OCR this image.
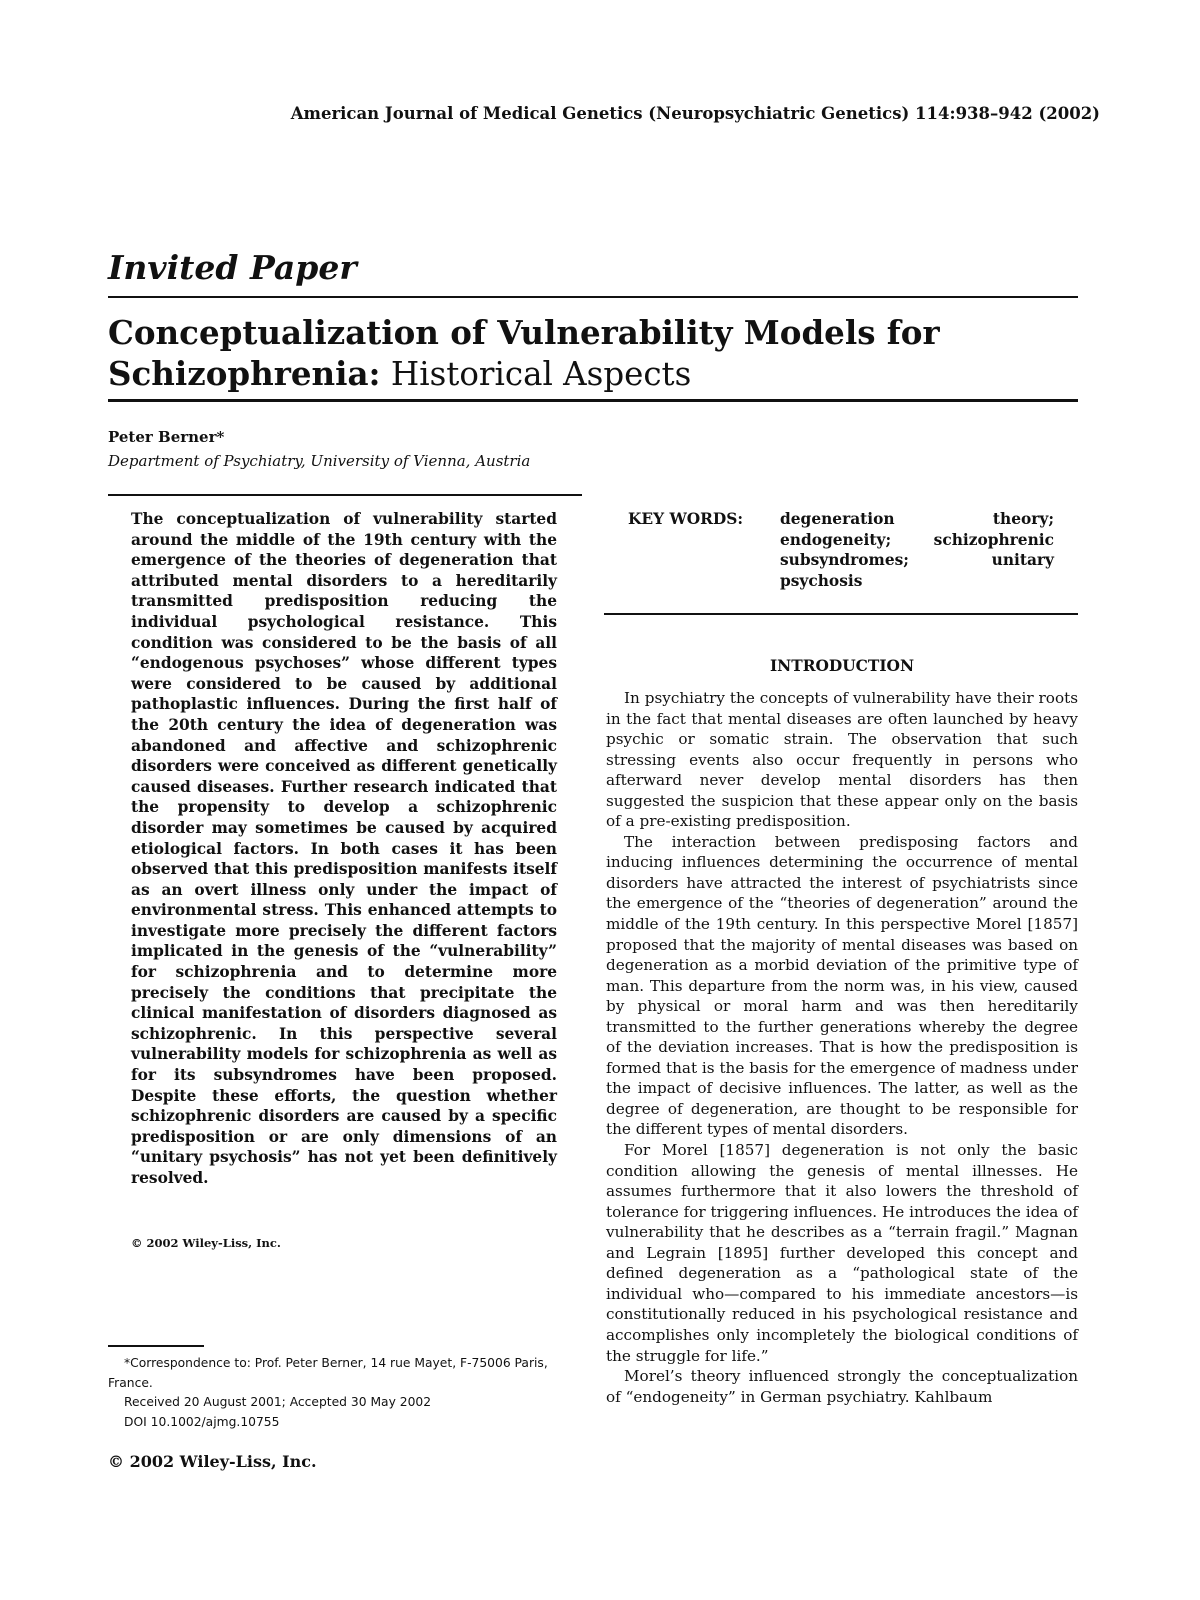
American Journal of Medical Genetics (Neuropsychiatric Genetics) 114:938–942 (2002)
Invited Paper
Conceptualization of Vulnerability Models for Schizophrenia: Historical Aspects
Peter Berner*
Department of Psychiatry, University of Vienna, Austria
The conceptualization of vulnerability started around the middle of the 19th century with the emergence of the theories of degeneration that attributed mental disorders to a hereditarily transmitted predisposition reducing the individual psychological resistance. This condition was considered to be the basis of all “endogenous psychoses” whose different types were considered to be caused by additional pathoplastic influences. During the first half of the 20th century the idea of degeneration was abandoned and affective and schizophrenic disorders were conceived as different genetically caused diseases. Further research indicated that the propensity to develop a schizophrenic disorder may sometimes be caused by acquired etiological factors. In both cases it has been observed that this predisposition manifests itself as an overt illness only under the impact of environmental stress. This enhanced attempts to investigate more precisely the different factors implicated in the genesis of the “vulnerability” for schizophrenia and to determine more precisely the conditions that precipitate the clinical manifestation of disorders diagnosed as schizophrenic. In this perspective several vulnerability models for schizophrenia as well as for its subsyndromes have been proposed. Despite these efforts, the question whether schizophrenic disorders are caused by a specific predisposition or are only dimensions of an “unitary psychosis” has not yet been definitively resolved.
© 2002 Wiley-Liss, Inc.
KEY WORDS:	degeneration theory; endogeneity; schizophrenic subsyndromes; unitary psychosis
INTRODUCTION

In psychiatry the concepts of vulnerability have their roots in the fact that mental diseases are often launched by heavy psychic or somatic strain. The observation that such stressing events also occur frequently in persons who afterward never develop mental disorders has then suggested the suspicion that these appear only on the basis of a pre-existing predisposition.

The interaction between predisposing factors and inducing influences determining the occurrence of mental disorders have attracted the interest of psychiatrists since the emergence of the “theories of degeneration” around the middle of the 19th century. In this perspective Morel [1857] proposed that the majority of mental diseases was based on degeneration as a morbid deviation of the primitive type of man. This departure from the norm was, in his view, caused by physical or moral harm and was then hereditarily transmitted to the further generations whereby the degree of the deviation increases. That is how the predisposition is formed that is the basis for the emergence of madness under the impact of decisive influences. The latter, as well as the degree of degeneration, are thought to be responsible for the different types of mental disorders.

For Morel [1857] degeneration is not only the basic condition allowing the genesis of mental illnesses. He assumes furthermore that it also lowers the threshold of tolerance for triggering influences. He introduces the idea of vulnerability that he describes as a “terrain fragil.” Magnan and Legrain [1895] further developed this concept and defined degeneration as a “pathological state of the individual who—compared to his immediate ancestors—is constitutionally reduced in his psychological resistance and accomplishes only incompletely the biological conditions of the struggle for life.”

Morel’s theory influenced strongly the conceptualization of “endogeneity” in German psychiatry. Kahlbaum

*Correspondence to: Prof. Peter Berner, 14 rue Mayet, F-75006 Paris, France.

Received 20 August 2001; Accepted 30 May 2002

DOI 10.1002/ajmg.10755

© 2002 Wiley-Liss, Inc.
